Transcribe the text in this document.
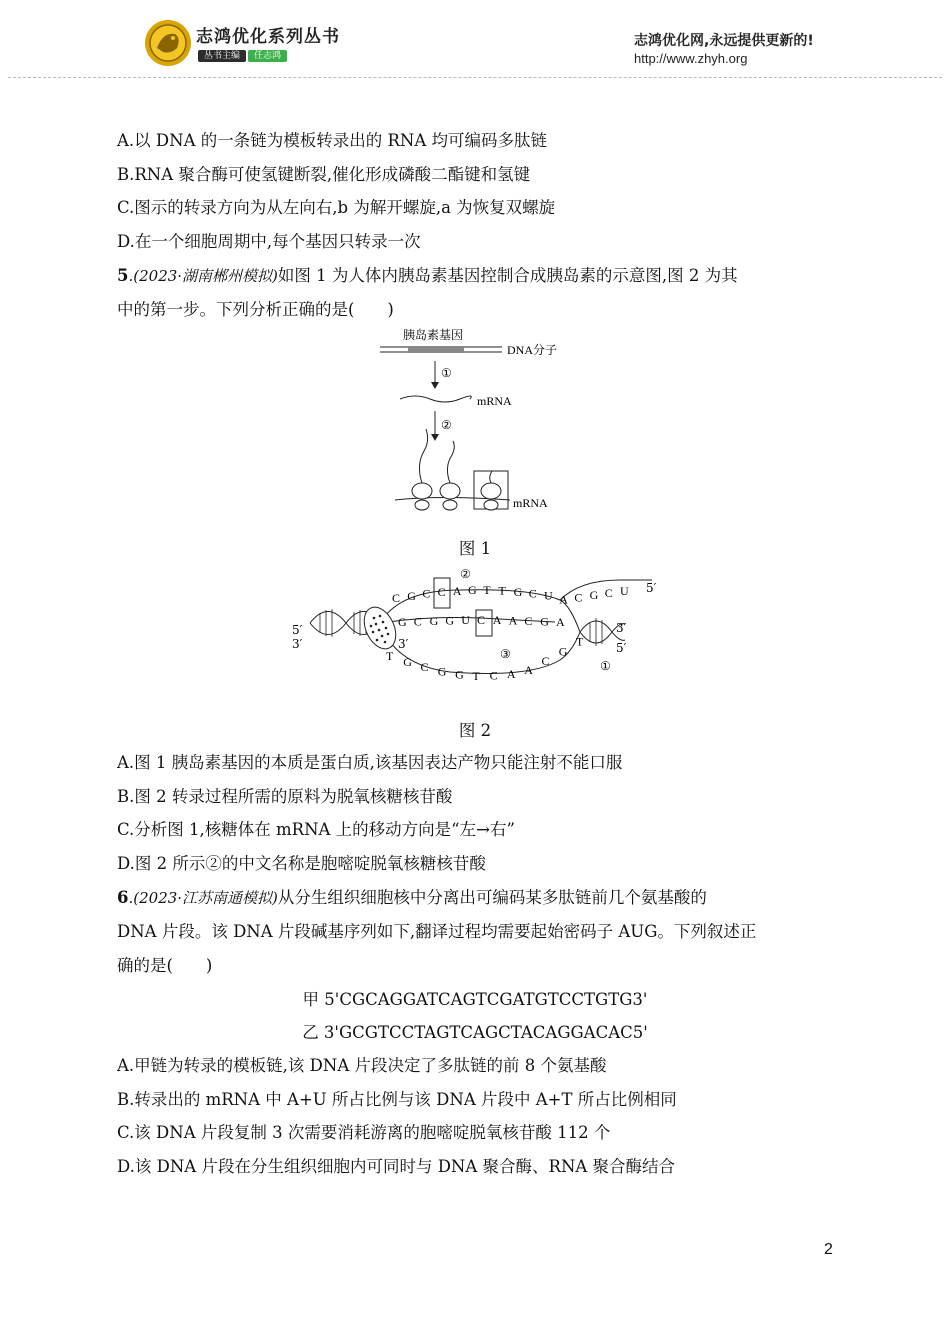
志鸿优化系列丛书
丛书主编 任志鸿
志鸿优化网,永远提供更新的!
http://www.zhyh.org
A.以 DNA 的一条链为模板转录出的 RNA 均可编码多肽链
B.RNA 聚合酶可使氢键断裂,催化形成磷酸二酯键和氢键
C.图示的转录方向为从左向右,b 为解开螺旋,a 为恢复双螺旋
D.在一个细胞周期中,每个基因只转录一次
5.(2023·湖南郴州模拟)如图 1 为人体内胰岛素基因控制合成胰岛素的示意图,图 2 为其
中的第一步。下列分析正确的是(　　)
胰岛素基因
DNA分子
①
mRNA
②
mRNA
图 1
5′
3′	3′
5′
3′
5′
②
③
①
C G C C A G T T G C U A C G C U
G C G G U C A A C G A
T G C G G T C A A
C
G
T
图 2
A.图 1 胰岛素基因的本质是蛋白质,该基因表达产物只能注射不能口服
B.图 2 转录过程所需的原料为脱氧核糖核苷酸
C.分析图 1,核糖体在 mRNA 上的移动方向是“左→右”
D.图 2 所示②的中文名称是胞嘧啶脱氧核糖核苷酸
6.(2023·江苏南通模拟)从分生组织细胞核中分离出可编码某多肽链前几个氨基酸的
DNA 片段。该 DNA 片段碱基序列如下,翻译过程均需要起始密码子 AUG。下列叙述正
确的是(　　)
甲 5'CGCAGGATCAGTCGATGTCCTGTG3'
乙 3'GCGTCCTAGTCAGCTACAGGACAC5'
A.甲链为转录的模板链,该 DNA 片段决定了多肽链的前 8 个氨基酸
B.转录出的 mRNA 中 A+U 所占比例与该 DNA 片段中 A+T 所占比例相同
C.该 DNA 片段复制 3 次需要消耗游离的胞嘧啶脱氧核苷酸 112 个
D.该 DNA 片段在分生组织细胞内可同时与 DNA 聚合酶、RNA 聚合酶结合
2
